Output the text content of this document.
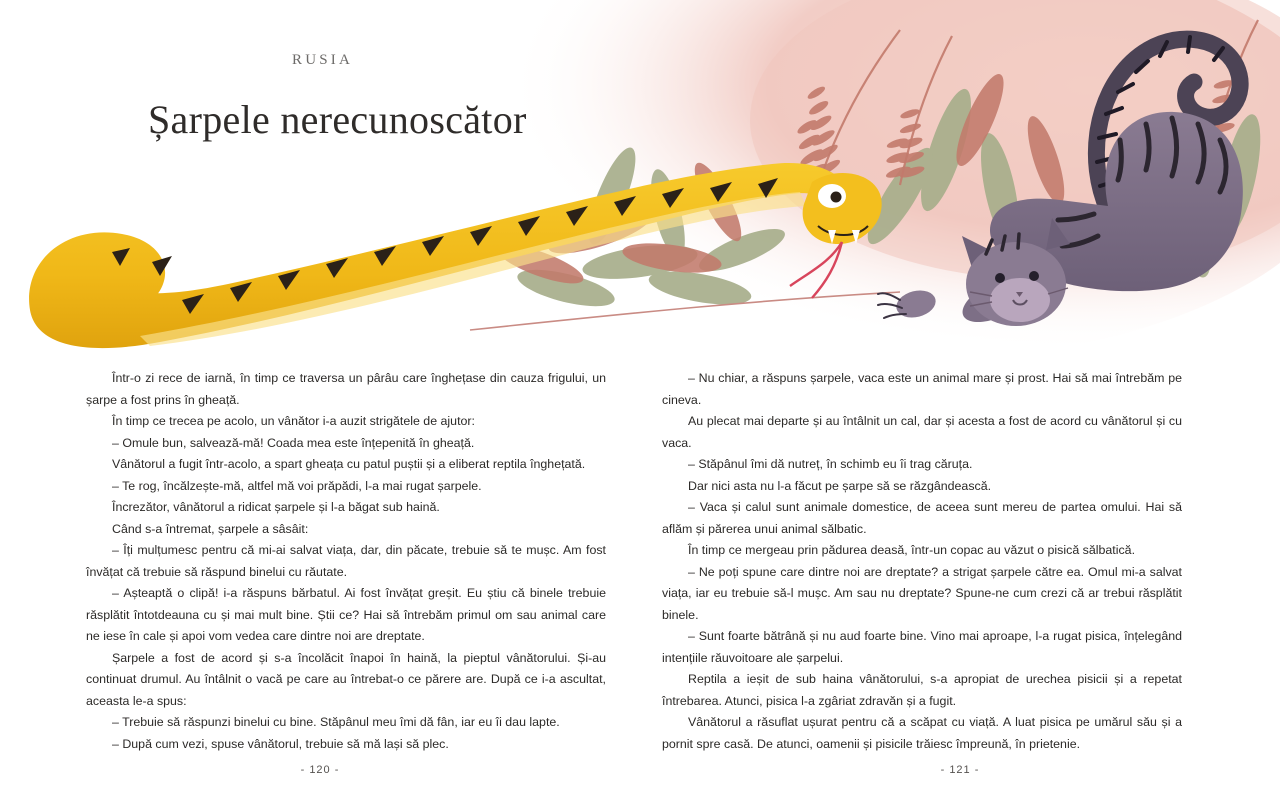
RUSIA
Șarpele nerecunoscător

Într-o zi rece de iarnă, în timp ce traversa un pârâu care înghețase din cauza frigului, un șarpe a fost prins în gheață.

În timp ce trecea pe acolo, un vânător i-a auzit strigătele de ajutor:

– Omule bun, salvează-mă! Coada mea este înțepenită în gheață.

Vânătorul a fugit într-acolo, a spart gheața cu patul puștii și a eliberat reptila înghețată.

– Te rog, încălzește-mă, altfel mă voi prăpădi, l-a mai rugat șarpele.

Încrezător, vânătorul a ridicat șarpele și l-a băgat sub haină.

Când s-a întremat, șarpele a sâsâit:

– Îți mulțumesc pentru că mi-ai salvat viața, dar, din păcate, trebuie să te mușc. Am fost învățat că trebuie să răspund binelui cu răutate.

– Așteaptă o clipă! i-a răspuns bărbatul. Ai fost învățat greșit. Eu știu că binele trebuie răsplătit întotdeauna cu și mai mult bine. Știi ce? Hai să întrebăm primul om sau animal care ne iese în cale și apoi vom vedea care dintre noi are dreptate.

Șarpele a fost de acord și s-a încolăcit înapoi în haină, la pieptul vânătorului. Și-au continuat drumul. Au întâlnit o vacă pe care au întrebat-o ce părere are. După ce i-a ascultat, aceasta le-a spus:

– Trebuie să răspunzi binelui cu bine. Stăpânul meu îmi dă fân, iar eu îi dau lapte.

– După cum vezi, spuse vânătorul, trebuie să mă lași să plec.

– Nu chiar, a răspuns șarpele, vaca este un animal mare și prost. Hai să mai întrebăm pe cineva.

Au plecat mai departe și au întâlnit un cal, dar și acesta a fost de acord cu vânătorul și cu vaca.

– Stăpânul îmi dă nutreț, în schimb eu îi trag căruța.

Dar nici asta nu l-a făcut pe șarpe să se răzgândească.

– Vaca și calul sunt animale domestice, de aceea sunt mereu de partea omului. Hai să aflăm și părerea unui animal sălbatic.

În timp ce mergeau prin pădurea deasă, într-un copac au văzut o pisică sălbatică.

– Ne poți spune care dintre noi are dreptate? a strigat șarpele către ea. Omul mi-a salvat viața, iar eu trebuie să-l mușc. Am sau nu dreptate? Spune-ne cum crezi că ar trebui răsplătit binele.

– Sunt foarte bătrână și nu aud foarte bine. Vino mai aproape, l-a rugat pisica, înțelegând intențiile răuvoitoare ale șarpelui.

Reptila a ieșit de sub haina vânătorului, s-a apropiat de urechea pisicii și a repetat întrebarea. Atunci, pisica l-a zgâriat zdravăn și a fugit.

Vânătorul a răsuflat ușurat pentru că a scăpat cu viață. A luat pisica pe umărul său și a pornit spre casă. De atunci, oamenii și pisicile trăiesc împreună, în prietenie.

- 120 -	- 121 -
